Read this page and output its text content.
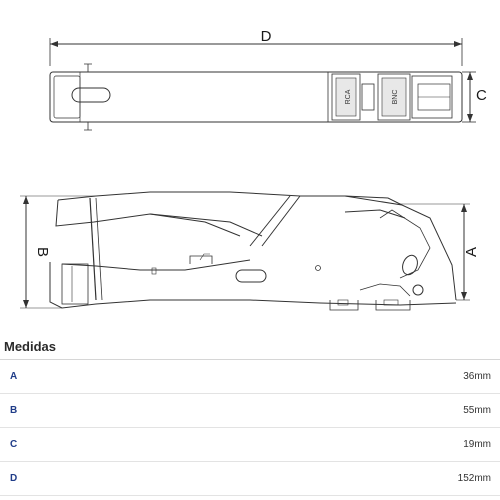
D
RCA	BNC	C
B	A
Medidas
A	36mm
B	55mm
C	19mm
D	152mm
